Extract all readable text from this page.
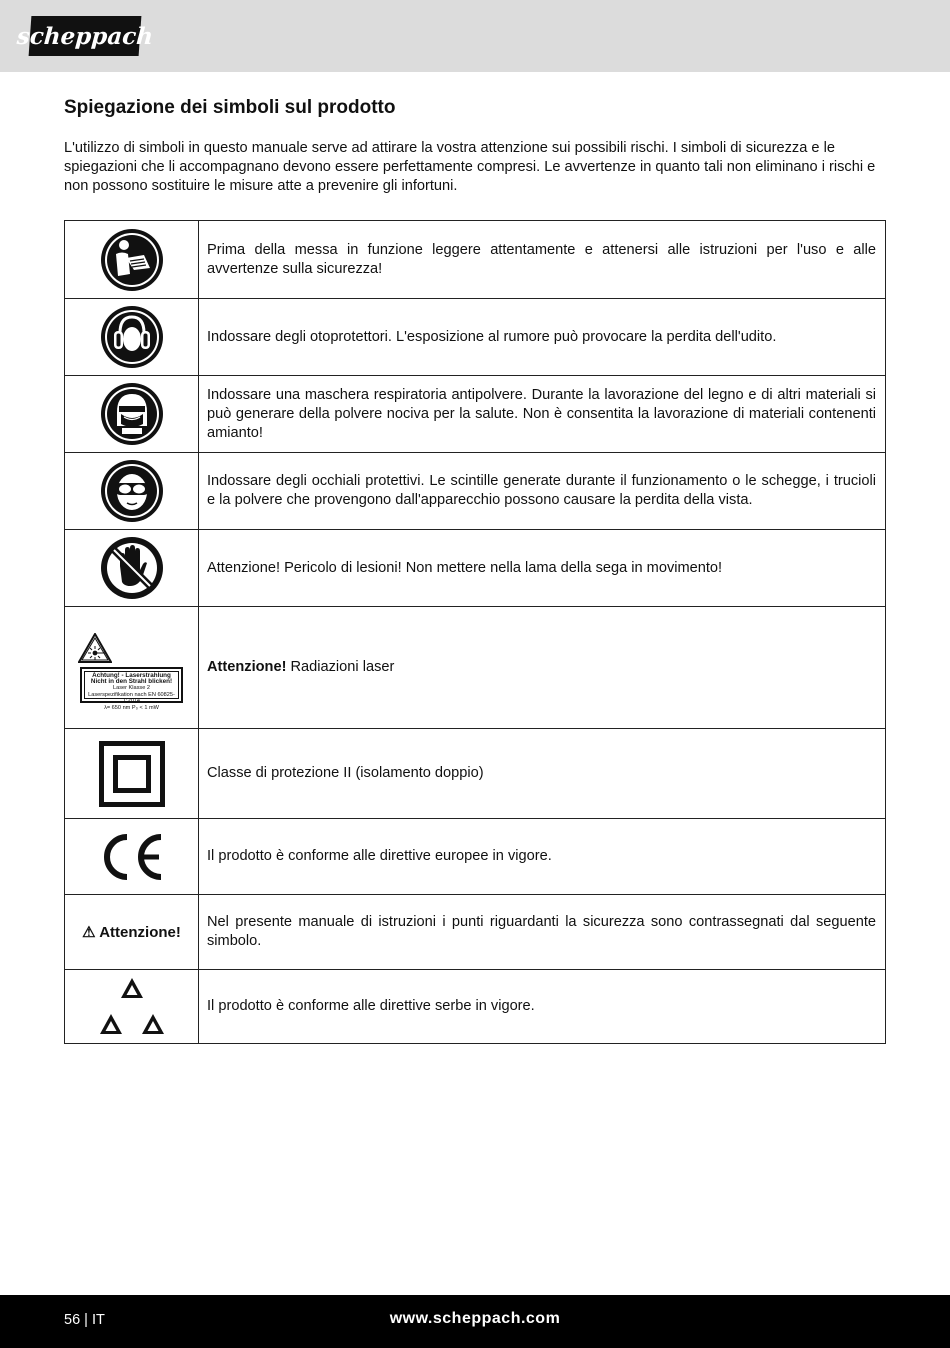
scheppach
Spiegazione dei simboli sul prodotto

L'utilizzo di simboli in questo manuale serve ad attirare la vostra attenzione sui possibili rischi. I simboli di sicurezza e le spiegazioni che li accompagnano devono essere perfettamente compresi. Le avvertenze in quanto tali non eliminano i rischi e non possono sostituire le misure atte a prevenire gli infortuni.

	Prima della messa in funzione leggere attentamente e attenersi alle istruzioni per l'uso e alle avvertenze sulla sicurezza!

	Indossare degli otoprotettori. L'esposizione al rumore può provocare la perdita dell'udito.

	Indossare una maschera respiratoria antipolvere. Durante la lavorazione del legno e di altri materiali si può generare della polvere nociva per la salute. Non è consentita la lavorazione di materiali contenenti amianto!

	Indossare degli occhiali protettivi. Le scintille generate durante il funzionamento o le schegge, i trucioli e la polvere che provengono dall'apparecchio possono causare la perdita della vista.

	Attenzione! Pericolo di lesioni! Non mettere nella lama della sega in movimento!

Achtung! - Laserstrahlung
Nicht in den Strahl blicken!
Laser Klasse 2
Laserspezifikation nach EN 60825-1:2014
λ= 650 nm P₀ < 1 mW	Attenzione! Radiazioni laser

	Classe di protezione II (isolamento doppio)

	Il prodotto è conforme alle direttive europee in vigore.
⚠ Attenzione!	Nel presente manuale di istruzioni i punti riguardanti la sicurezza sono contrassegnati dal seguente simbolo.

	Il prodotto è conforme alle direttive serbe in vigore.
56 | IT	www.scheppach.com
